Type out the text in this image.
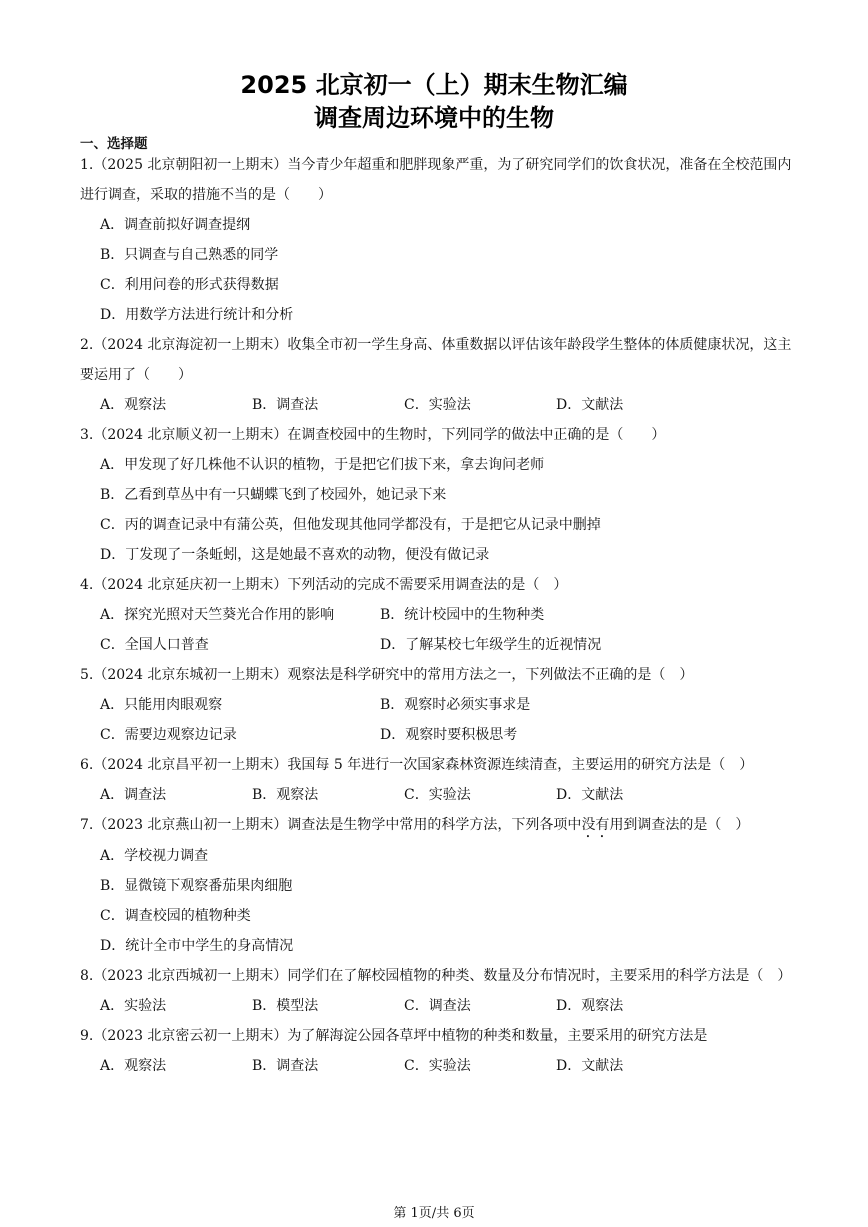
2025 北京初一（上）期末生物汇编
调查周边环境中的生物
一、选择题

1.（2025 北京朝阳初一上期末）当今青少年超重和肥胖现象严重，为了研究同学们的饮食状况，准备在全校范围内进行调查，采取的措施不当的是（　　）

A．调查前拟好调查提纲
B．只调查与自己熟悉的同学
C．利用问卷的形式获得数据
D．用数学方法进行统计和分析

2.（2024 北京海淀初一上期末）收集全市初一学生身高、体重数据以评估该年龄段学生整体的体质健康状况，这主要运用了（　　）

A．观察法	B．调查法	C．实验法	D．文献法

3.（2024 北京顺义初一上期末）在调查校园中的生物时，下列同学的做法中正确的是（　　）

A．甲发现了好几株他不认识的植物，于是把它们拔下来，拿去询问老师
B．乙看到草丛中有一只蝴蝶飞到了校园外，她记录下来
C．丙的调查记录中有蒲公英，但他发现其他同学都没有，于是把它从记录中删掉
D．丁发现了一条蚯蚓，这是她最不喜欢的动物，便没有做记录

4.（2024 北京延庆初一上期末）下列活动的完成不需要采用调查法的是（　）

A．探究光照对天竺葵光合作用的影响	B．统计校园中的生物种类
C．全国人口普查	D．了解某校七年级学生的近视情况

5.（2024 北京东城初一上期末）观察法是科学研究中的常用方法之一，下列做法不正确的是（　）

A．只能用肉眼观察	B．观察时必须实事求是
C．需要边观察边记录	D．观察时要积极思考

6.（2024 北京昌平初一上期末）我国每 5 年进行一次国家森林资源连续清查，主要运用的研究方法是（　）

A．调查法	B．观察法	C．实验法	D．文献法

7.（2023 北京燕山初一上期末）调查法是生物学中常用的科学方法，下列各项中没有用到调查法的是（　）

A．学校视力调查
B．显微镜下观察番茄果肉细胞
C．调查校园的植物种类
D．统计全市中学生的身高情况

8.（2023 北京西城初一上期末）同学们在了解校园植物的种类、数量及分布情况时，主要采用的科学方法是（　）

A．实验法	B．模型法	C．调查法	D．观察法

9.（2023 北京密云初一上期末）为了解海淀公园各草坪中植物的种类和数量，主要采用的研究方法是

A．观察法	B．调查法	C．实验法	D．文献法
第 1页/共 6页
